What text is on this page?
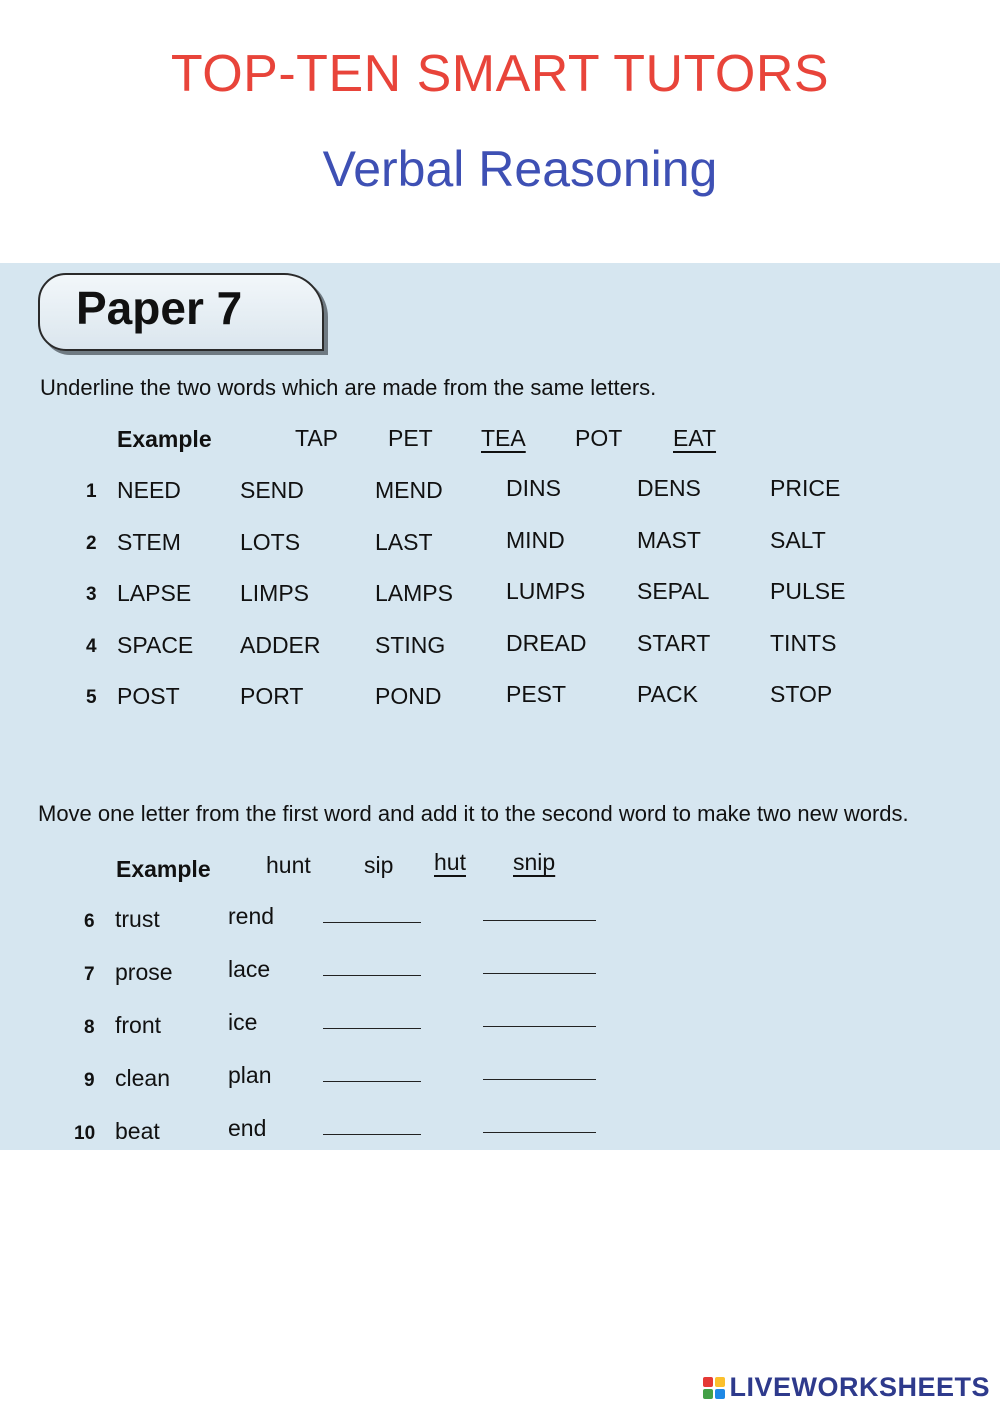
TOP-TEN SMART TUTORS
Verbal Reasoning
Paper 7
Underline the two words which are made from the same letters.
Example	TAP PET TEA POT EAT
1 NEED	SEND	MEND	DINS	DENS	PRICE
2 STEM	LOTS	LAST	MIND	MAST	SALT
3 LAPSE LIMPS	LAMPS LUMPS SEPAL	PULSE
4 SPACE ADDER STING	DREAD START	TINTS
5 POST	PORT	POND	PEST	PACK	STOP
Move one letter from the first word and add it to the second word to make two new words.
Example hunt sip hut snip
6 trust	rend
7 prose lace
8 front	ice
9 clean	plan
10 beat	end
LIVEWORKSHEETS
